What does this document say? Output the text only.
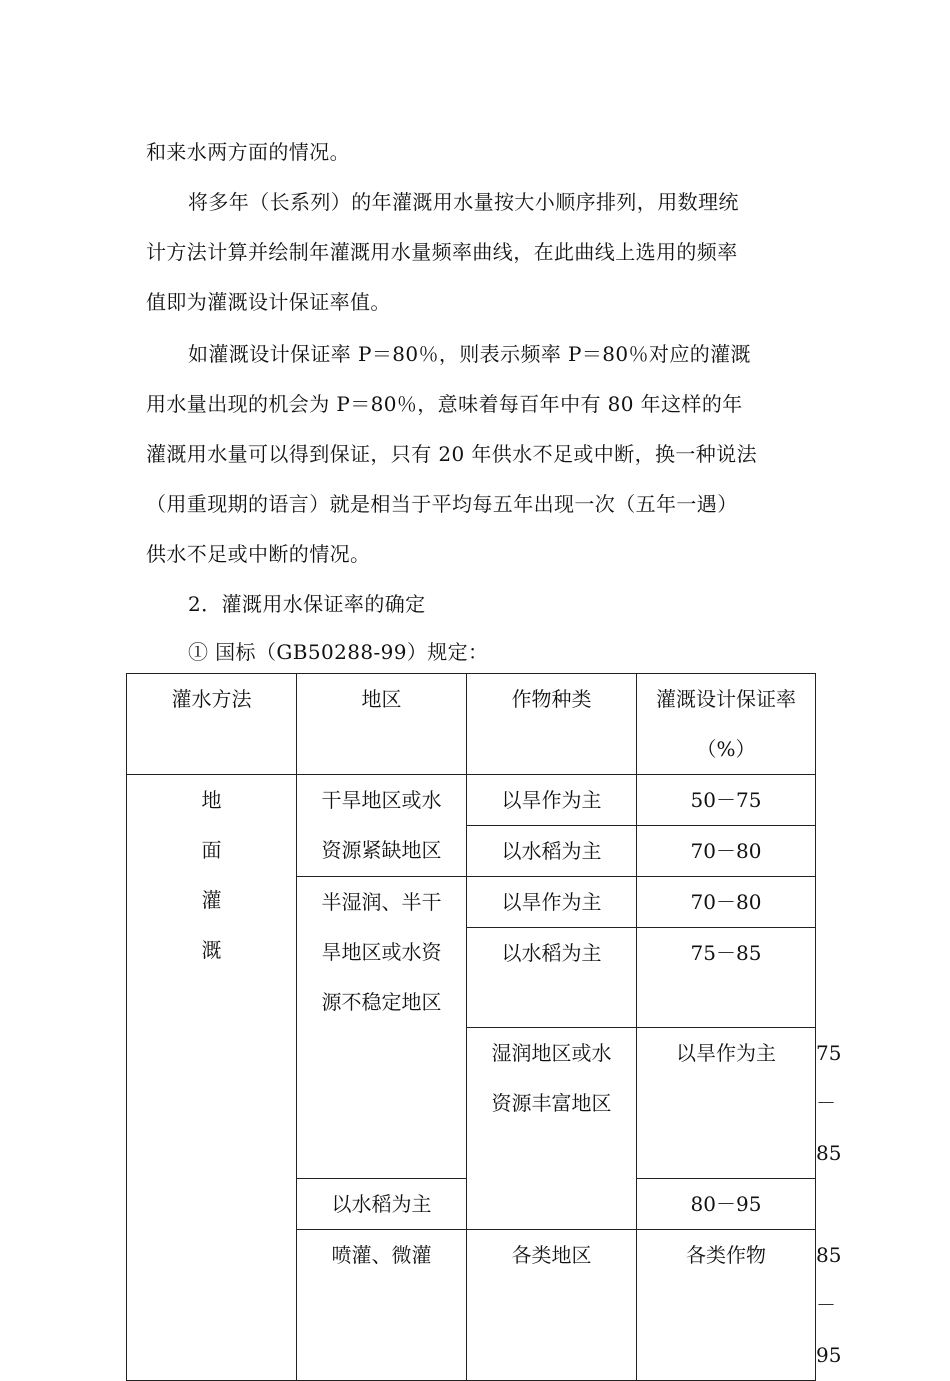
和来水两方面的情况。
将多年（长系列）的年灌溉用水量按大小顺序排列，用数理统
计方法计算并绘制年灌溉用水量频率曲线，在此曲线上选用的频率
值即为灌溉设计保证率值。
如灌溉设计保证率 P＝80％，则表示频率 P＝80％对应的灌溉
用水量出现的机会为 P＝80％，意味着每百年中有 80 年这样的年
灌溉用水量可以得到保证，只有 20 年供水不足或中断，换一种说法
（用重现期的语言）就是相当于平均每五年出现一次（五年一遇）
供水不足或中断的情况。
2．灌溉用水保证率的确定
① 国标（GB50288-99）规定：
灌水方法	地区	作物种类	灌溉设计保证率
（%）	

地
面
灌
溉	干旱地区或水
资源紧缺地区	以旱作为主	50－75	
		以水稻为主	70－80	

	半湿润、半干
旱地区或水资
源不稳定地区	以旱作为主	70－80	
		以水稻为主	75－85	

		湿润地区或水
资源丰富地区	以旱作为主	75－85
	以水稻为主		80－95	
	喷灌、微灌	各类地区	各类作物	85－95
